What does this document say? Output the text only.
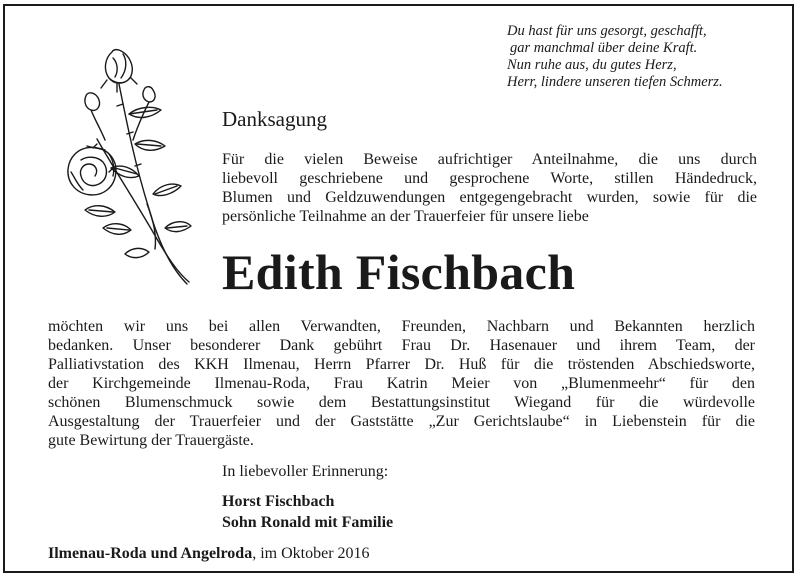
Du hast für uns gesorgt, geschafft,
gar manchmal über deine Kraft.
Nun ruhe aus, du gutes Herz,
Herr, lindere unseren tiefen Schmerz.
Danksagung
Für die vielen Beweise aufrichtiger Anteilnahme, die uns durch
liebevoll geschriebene und gesprochene Worte, stillen Händedruck,
Blumen und Geldzuwendungen entgegengebracht wurden, sowie für die
persönliche Teilnahme an der Trauerfeier für unsere liebe
Edith Fischbach
möchten wir uns bei allen Verwandten, Freunden, Nachbarn und Bekannten herzlich
bedanken. Unser besonderer Dank gebührt Frau Dr. Hasenauer und ihrem Team, der
Palliativstation des KKH Ilmenau, Herrn Pfarrer Dr. Huß für die tröstenden Abschiedsworte,
der Kirchgemeinde Ilmenau-Roda, Frau Katrin Meier von „Blumenmeehr“ für den
schönen Blumenschmuck sowie dem Bestattungsinstitut Wiegand für die würdevolle
Ausgestaltung der Trauerfeier und der Gaststätte „Zur Gerichtslaube“ in Liebenstein für die
gute Bewirtung der Trauergäste.
In liebevoller Erinnerung:
Horst Fischbach
Sohn Ronald mit Familie
Ilmenau-Roda und Angelroda, im Oktober 2016
